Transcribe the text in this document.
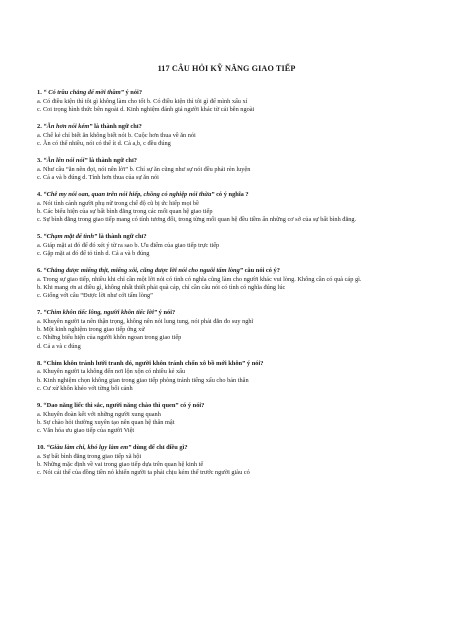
117 CÂU HỎI KỸ NĂNG GIAO TIẾP
1. “ Có trầu chẳng để mời thầm” ý nói?
a. Có điều kiện thì tôi gì không làm cho tốt b. Có điều kiện thì tôi gì để mình xấu xí
c. Coi trọng hình thức bên ngoài d. Kinh nghiệm đánh giá người khác từ cái bên ngoài
2. “Ăn hơn nói kém” là thành ngữ chỉ?
a. Chế kẻ chỉ biết ăn không biết nói b. Cuộc hơn thua về ăn nói
c. Ăn có thể nhiều, nói có thể ít d. Cả a,b, c đều đúng
3. “Ăn lên nói nói” là thành ngữ chỉ?
a. Như câu “ăn nên đọi, nói nên lời” b. Chỉ sự ăn cũng như sự nói đều phải rèn luyện
c. Cả a và b đúng d. Tính hơn thua của sự ăn nói
4. “Chê my nói oan, quan trên nói hiếp, chồng có nghiệp nói thừa” có ý nghĩa ?
a. Nói tình cảnh người phụ nữ trong chế độ cũ bị ức hiếp mọi bề
b. Các biểu hiện của sự bất bình đẳng trong các mối quan hệ giao tiếp
c. Sự bình đẳng trong giao tiếp mang có tính tương đối, trong từng mối quan hệ đều tiềm ẩn những cơ sở của sự bất bình đẳng.
5. “Chạm mặt để tình” là thành ngữ chỉ?
a. Giáp mặt ai đó để đó xét ý từ ra sao b. Ưu điểm của giao tiếp trực tiếp
c. Gặp mặt ai đó để tỏ tình d. Cả a và b đúng
6. “Chẳng được miếng thịt, miếng xôi, cũng được lời nói cho nguôi tấm lòng” câu nói có ý?
a. Trong sự giao tiếp, nhiều khi chỉ cần một lời nói có tình có nghĩa cũng làm cho người khác vui lòng. Không cần có quà cáp gì.
b. Khi mang ơn ai điều gì, không nhất thiết phải quà cáp, chỉ cần câu nói có tình có nghĩa đúng lúc
c. Giống với câu “Được lời như cởi tấm lòng”
7. “Chim khôn tiếc lông, người khôn tiếc lời” ý nói?
a. Khuyên người ta nên thận trọng, không nên nói lung tung, nói phải đắn đo suy nghĩ
b. Một kinh nghiệm trong giao tiếp ứng xử
c. Những biểu hiện của người khôn ngoan trong giao tiếp
d. Cả a và c đúng
8. “Chim khôn tránh lưới tranh đó, người khôn tránh chốn xô bồ mới khôn” ý nói?
a. Khuyên người ta không đến nơi lộn xộn có nhiều kẻ xấu
b. Kinh nghiệm chọn không gian trong giao tiếp phòng tránh tiếng xấu cho bản thân
c. Cư xử khôn khéo với từng bối cảnh
9. “Dao năng liếc thì sắc, người năng chào thì quen” có ý nói?
a. Khuyên đoàn kết với những người xung quanh
b. Sự chào hỏi thường xuyên tạo nên quan hệ thân mật
c. Văn hóa ưu giao tiếp của người Việt
10. “Giàu làm chi, khó lụy làm em” dùng để chỉ điều gì?
a. Sự bất bình đẳng trong giao tiếp xã hội
b. Những mặc định về vai trong giao tiếp dựa trên quan hệ kinh tế
c. Nói cái thế của đồng tiền nó khiến người ta phải chịu kém thế trước người giàu có
